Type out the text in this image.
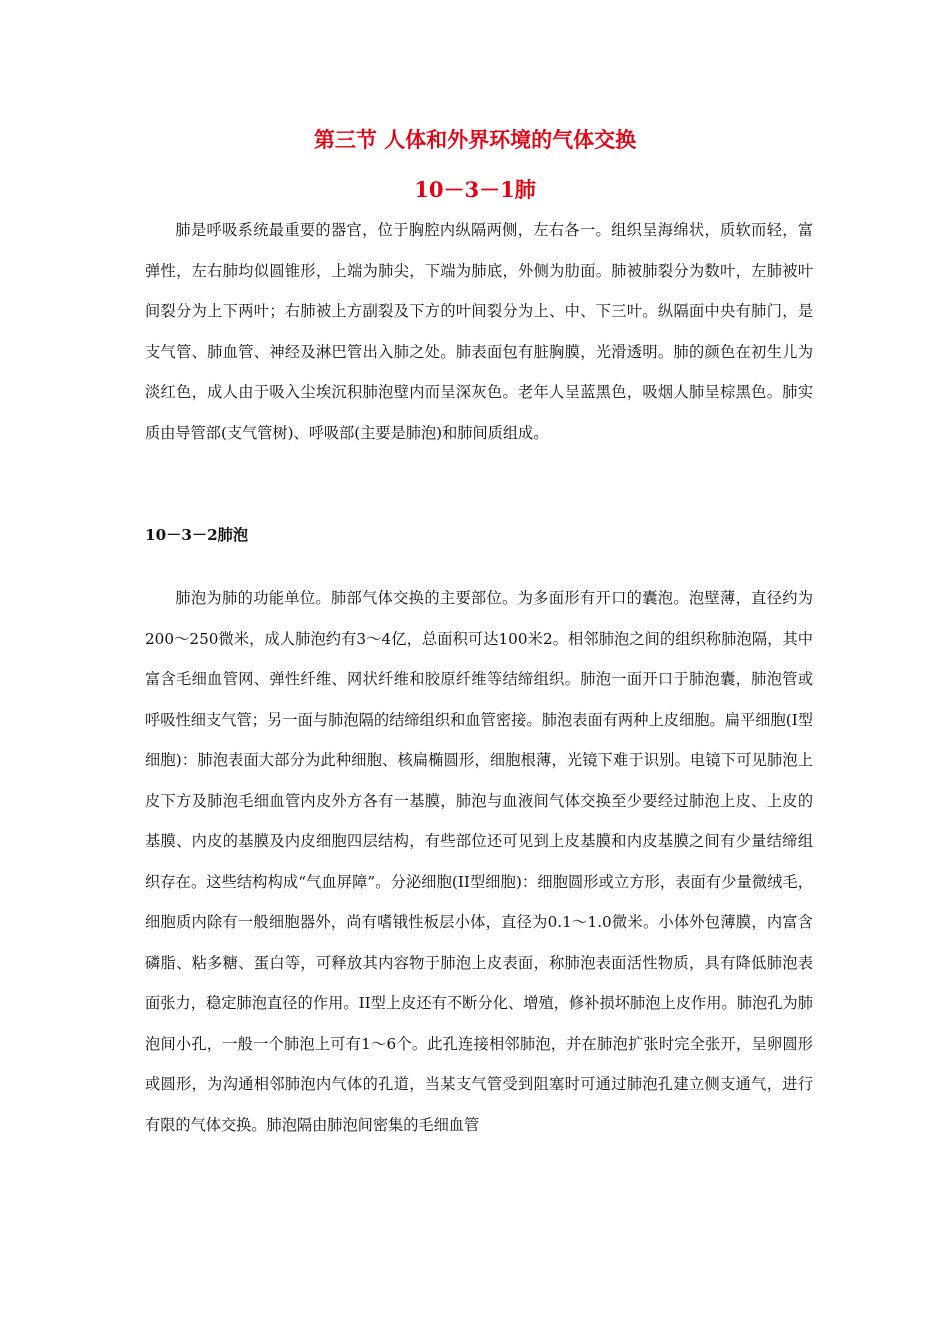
第三节 人体和外界环境的气体交换
10－3－1肺

肺是呼吸系统最重要的器官，位于胸腔内纵隔两侧，左右各一。组织呈海绵状，质软而轻，富弹性，左右肺均似圆锥形，上端为肺尖，下端为肺底，外侧为肋面。肺被肺裂分为数叶，左肺被叶间裂分为上下两叶；右肺被上方副裂及下方的叶间裂分为上、中、下三叶。纵隔面中央有肺门，是支气管、肺血管、神经及淋巴管出入肺之处。肺表面包有脏胸膜，光滑透明。肺的颜色在初生儿为淡红色，成人由于吸入尘埃沉积肺泡壁内而呈深灰色。老年人呈蓝黑色，吸烟人肺呈棕黑色。肺实质由导管部(支气管树)、呼吸部(主要是肺泡)和肺间质组成。

10－3－2肺泡

肺泡为肺的功能单位。肺部气体交换的主要部位。为多面形有开口的囊泡。泡壁薄，直径约为200～250微米，成人肺泡约有3～4亿，总面积可达100米2。相邻肺泡之间的组织称肺泡隔，其中富含毛细血管网、弹性纤维、网状纤维和胶原纤维等结缔组织。肺泡一面开口于肺泡囊，肺泡管或呼吸性细支气管；另一面与肺泡隔的结缔组织和血管密接。肺泡表面有两种上皮细胞。扁平细胞(I型细胞)：肺泡表面大部分为此种细胞、核扁椭圆形，细胞根薄，光镜下难于识别。电镜下可见肺泡上皮下方及肺泡毛细血管内皮外方各有一基膜，肺泡与血液间气体交换至少要经过肺泡上皮、上皮的基膜、内皮的基膜及内皮细胞四层结构，有些部位还可见到上皮基膜和内皮基膜之间有少量结缔组织存在。这些结构构成“气血屏障”。分泌细胞(II型细胞)：细胞圆形或立方形，表面有少量微绒毛，细胞质内除有一般细胞器外，尚有嗜锇性板层小体，直径为0.1～1.0微米。小体外包薄膜，内富含磷脂、粘多糖、蛋白等，可释放其内容物于肺泡上皮表面，称肺泡表面活性物质，具有降低肺泡表面张力，稳定肺泡直径的作用。II型上皮还有不断分化、增殖，修补损坏肺泡上皮作用。肺泡孔为肺泡间小孔，一般一个肺泡上可有1～6个。此孔连接相邻肺泡，并在肺泡扩张时完全张开，呈卵圆形或圆形，为沟通相邻肺泡内气体的孔道，当某支气管受到阻塞时可通过肺泡孔建立侧支通气，进行有限的气体交换。肺泡隔由肺泡间密集的毛细血管
